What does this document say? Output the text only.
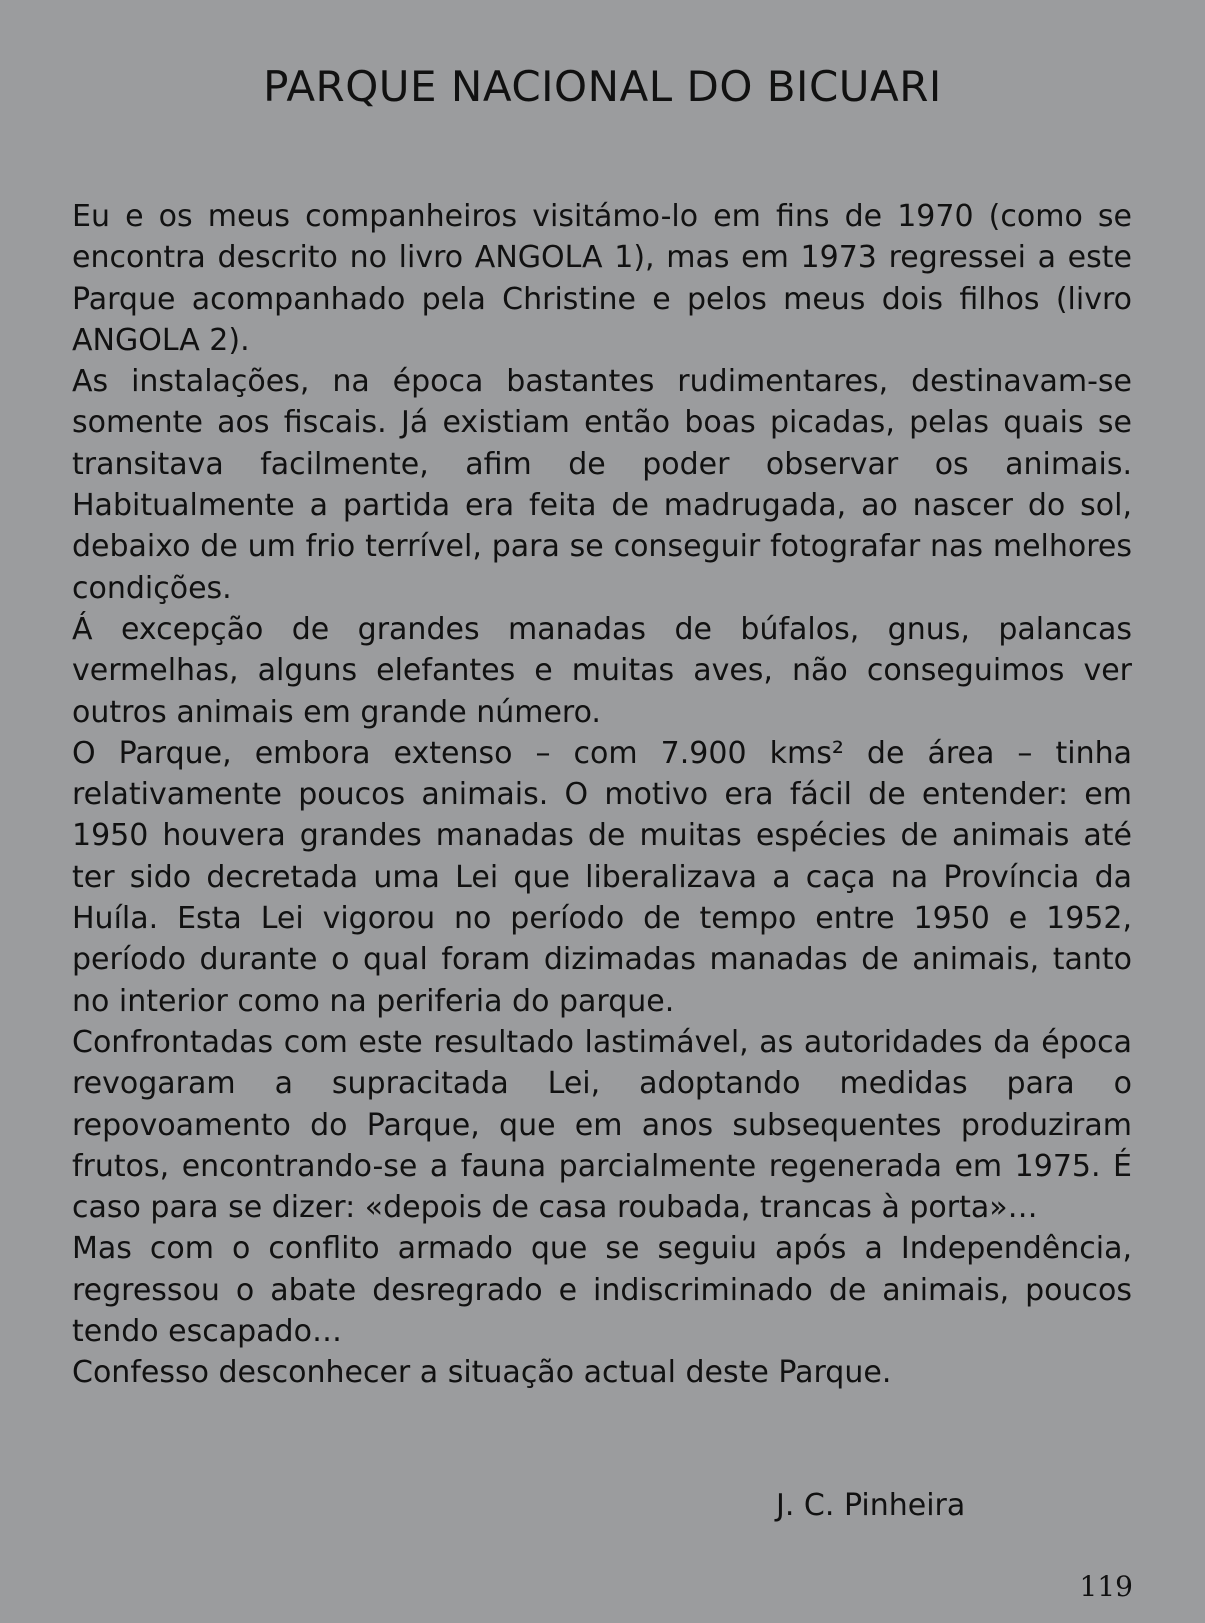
PARQUE NACIONAL DO BICUARI

Eu e os meus companheiros visitámo-lo em fins de 1970 (como se encontra descrito no livro ANGOLA 1), mas em 1973 regressei a este Parque acompanhado pela Christine e pelos meus dois filhos (livro ANGOLA 2).

As instalações, na época bastantes rudimentares, destinavam-se somente aos fiscais. Já existiam então boas picadas, pelas quais se transitava facilmente, afim de poder observar os animais. Habitualmente a partida era feita de madrugada, ao nascer do sol, debaixo de um frio terrível, para se conseguir fotografar nas melhores condições.

Á excepção de grandes manadas de búfalos, gnus, palancas vermelhas, alguns elefantes e muitas aves, não conseguimos ver outros animais em grande número.

O Parque, embora extenso – com 7.900 kms² de área – tinha relativamente poucos animais. O motivo era fácil de entender: em 1950 houvera grandes manadas de muitas espécies de animais até ter sido decretada uma Lei que liberalizava a caça na Província da Huíla. Esta Lei vigorou no período de tempo entre 1950 e 1952, período durante o qual foram dizimadas manadas de animais, tanto no interior como na periferia do parque.

Confrontadas com este resultado lastimável, as autoridades da época revogaram a supracitada Lei, adoptando medidas para o repovoamento do Parque, que em anos subsequentes produziram frutos, encontrando-se a fauna parcialmente regenerada em 1975. É caso para se dizer: «depois de casa roubada, trancas à porta»…

Mas com o conflito armado que se seguiu após a Independência, regressou o abate desregrado e indiscriminado de animais, poucos tendo escapado…

Confesso desconhecer a situação actual deste Parque.

J. C. Pinheira

119
